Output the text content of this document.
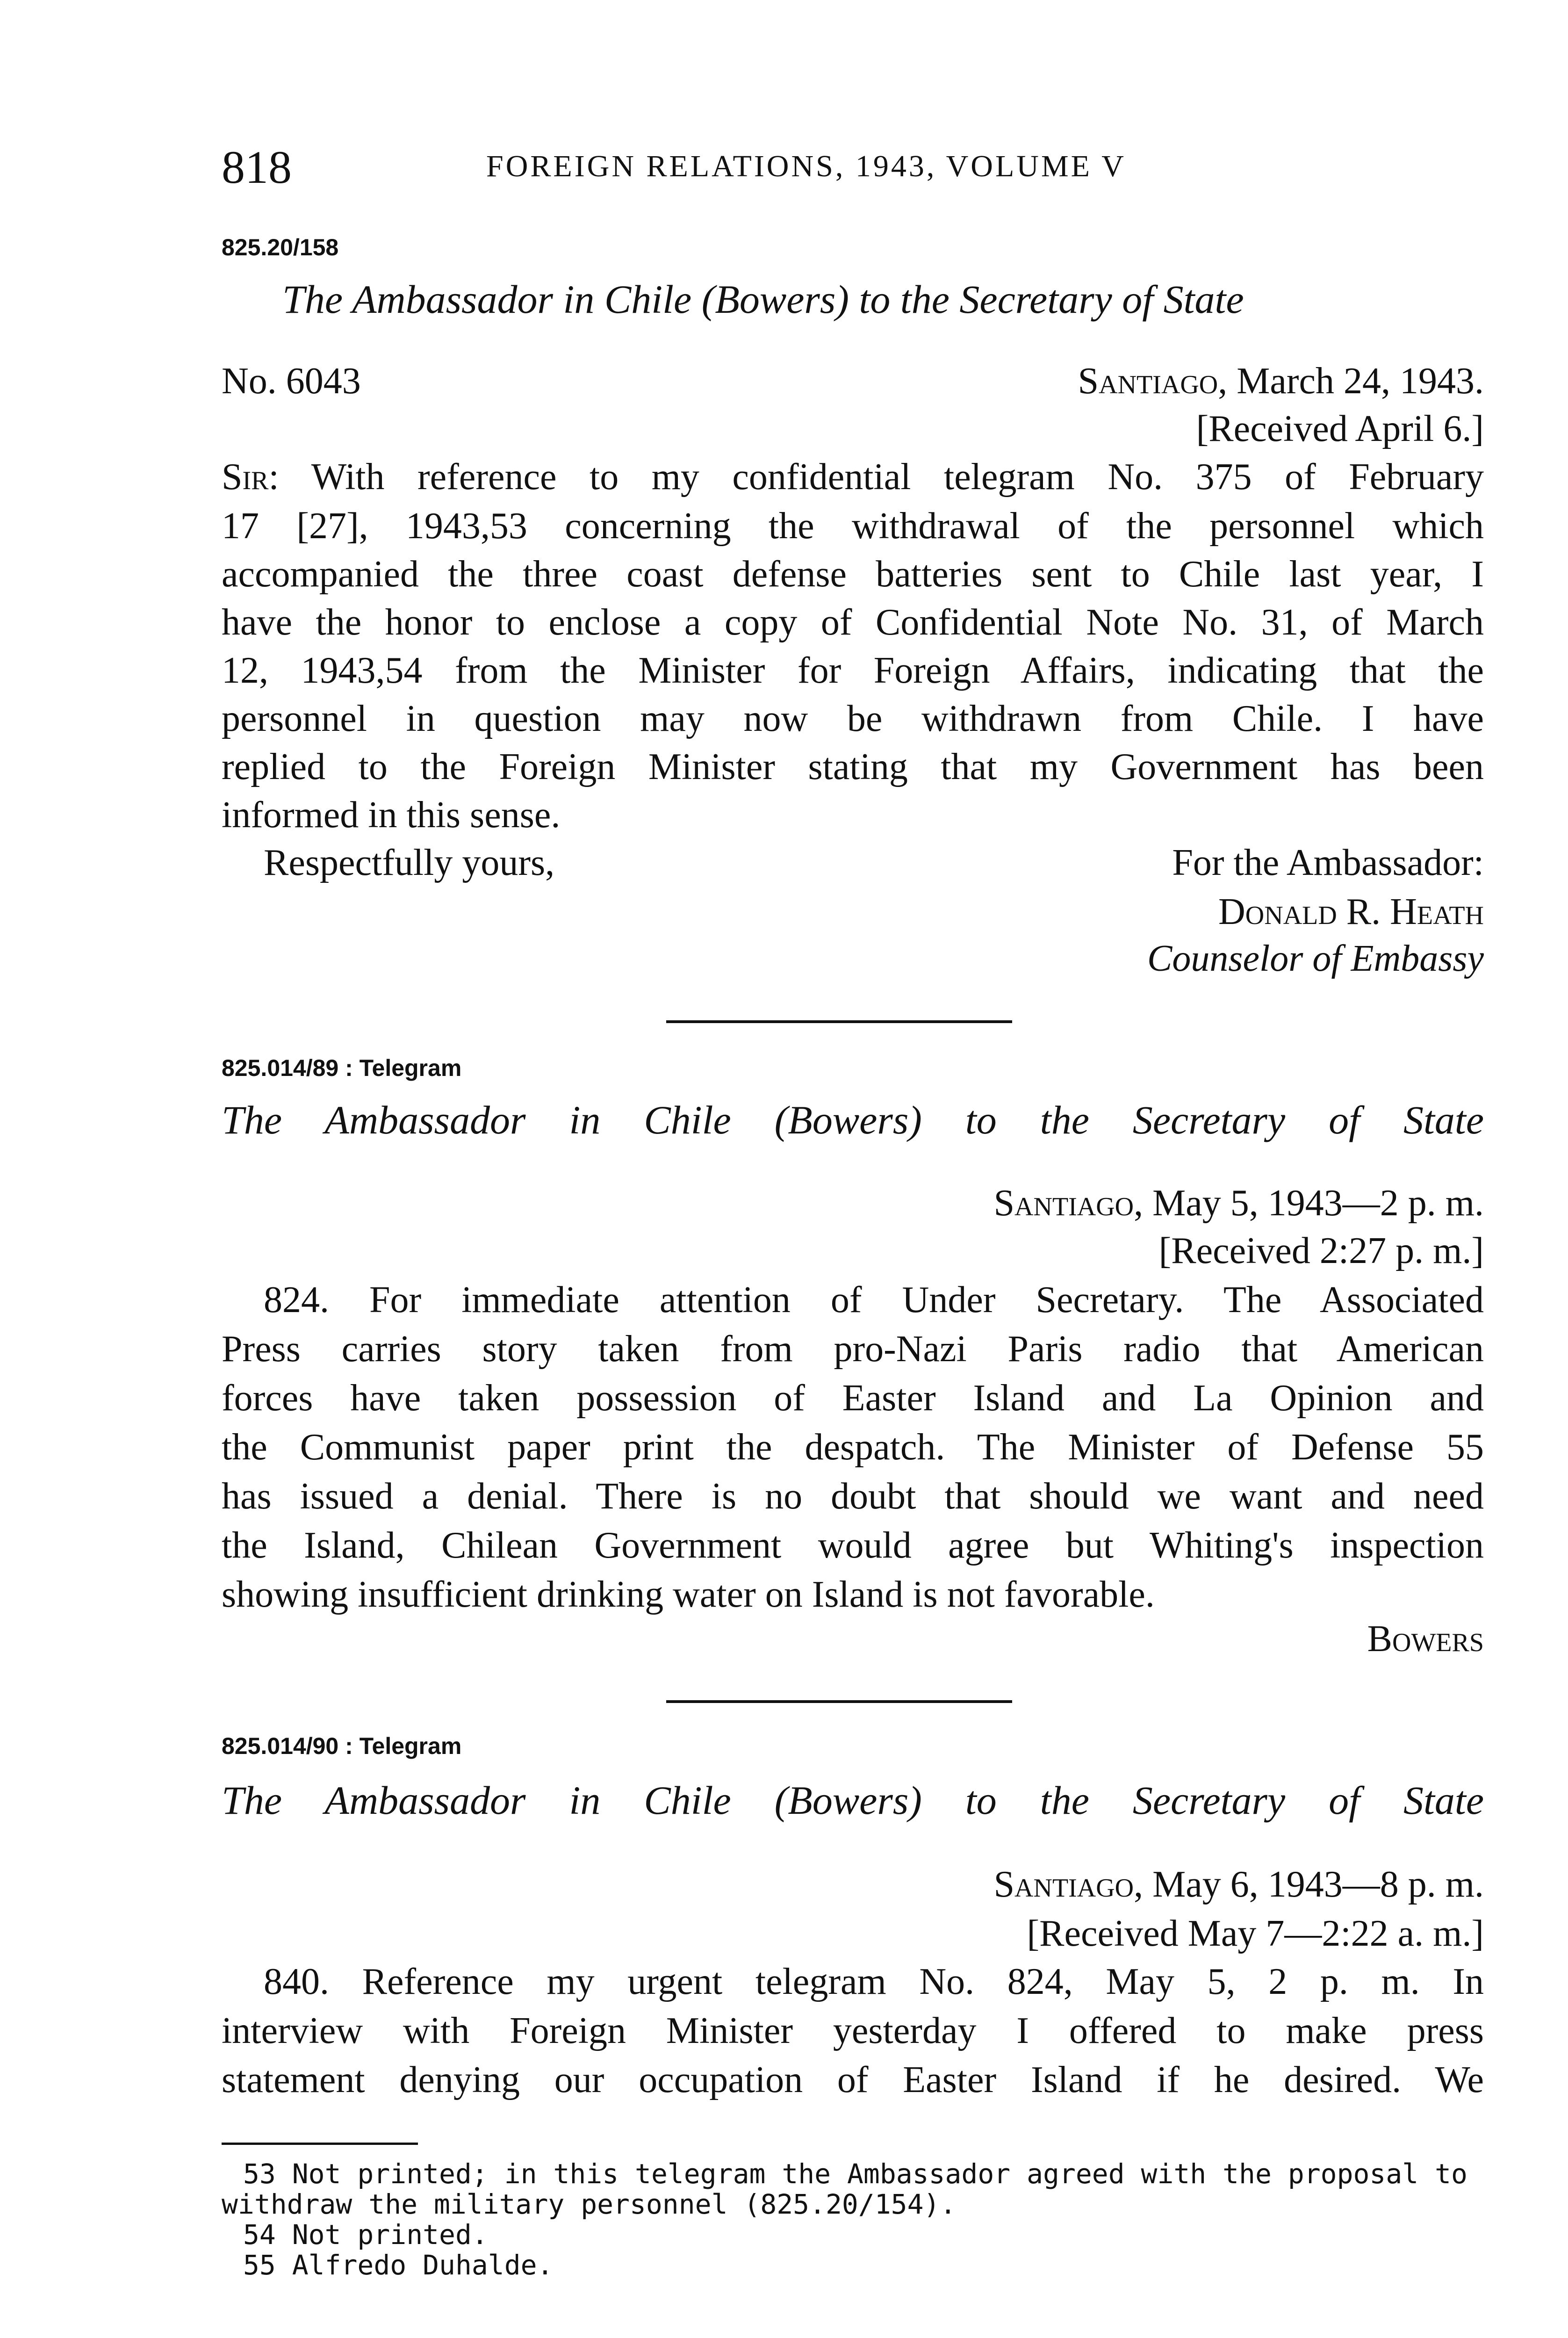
818	FOREIGN RELATIONS, 1943, VOLUME V
825.20/158
The Ambassador in Chile (Bowers) to the Secretary of State
No. 6043	Santiago, March 24, 1943.
[Received April 6.]
Sir: With reference to my confidential telegram No. 375 of February
17 [27], 1943,53 concerning the withdrawal of the personnel which
accompanied the three coast defense batteries sent to Chile last year, I
have the honor to enclose a copy of Confidential Note No. 31, of March
12, 1943,54 from the Minister for Foreign Affairs, indicating that the
personnel in question may now be withdrawn from Chile. I have
replied to the Foreign Minister stating that my Government has been
informed in this sense.
Respectfully yours,	For the Ambassador:
Donald R. Heath
Counselor of Embassy
825.014/89 : Telegram
The Ambassador in Chile (Bowers) to the Secretary of State
Santiago, May 5, 1943—2 p. m.
[Received 2:27 p. m.]
824. For immediate attention of Under Secretary. The Associated
Press carries story taken from pro-Nazi Paris radio that American
forces have taken possession of Easter Island and La Opinion and
the Communist paper print the despatch. The Minister of Defense 55
has issued a denial. There is no doubt that should we want and need
the Island, Chilean Government would agree but Whiting's inspection
showing insufficient drinking water on Island is not favorable.
Bowers
825.014/90 : Telegram
The Ambassador in Chile (Bowers) to the Secretary of State
Santiago, May 6, 1943—8 p. m.
[Received May 7—2:22 a. m.]
840. Reference my urgent telegram No. 824, May 5, 2 p. m. In
interview with Foreign Minister yesterday I offered to make press
statement denying our occupation of Easter Island if he desired. We
53 Not printed; in this telegram the Ambassador agreed with the proposal to
withdraw the military personnel (825.20/154).
54 Not printed.
55 Alfredo Duhalde.
